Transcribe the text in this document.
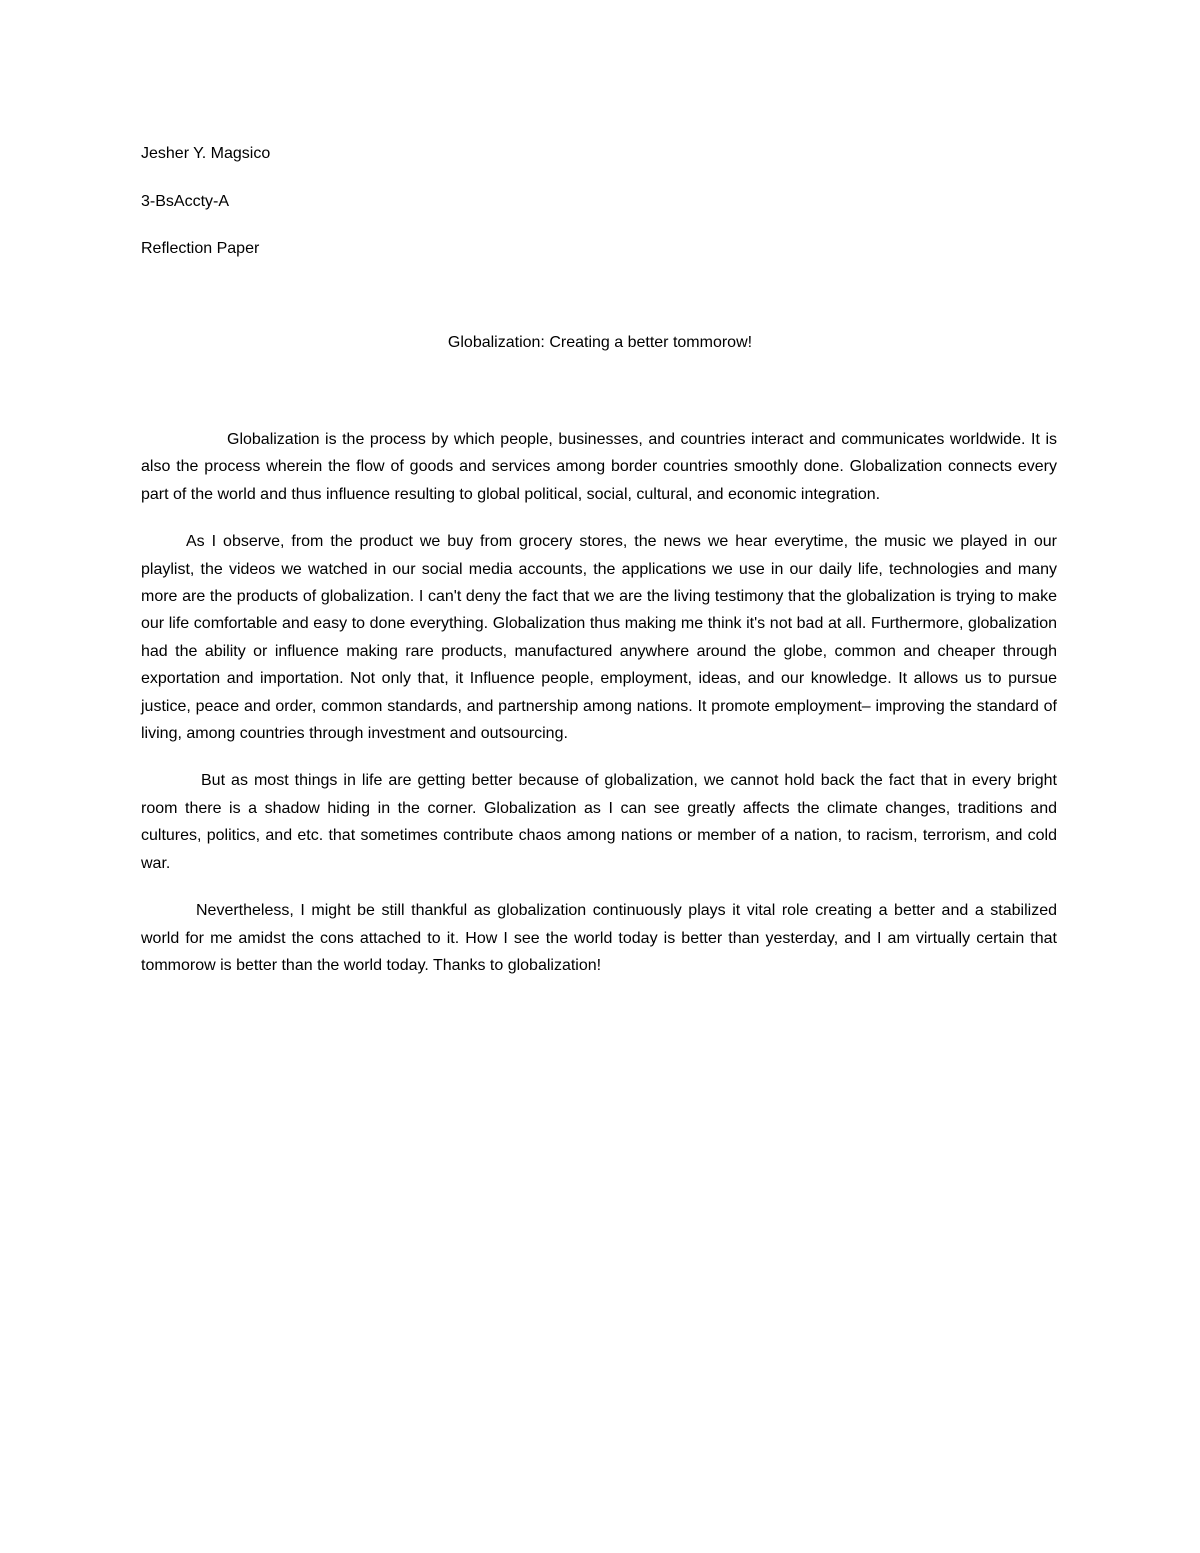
Jesher Y. Magsico
3-BsAccty-A
Reflection Paper
Globalization: Creating a better tommorow!

Globalization is the process by which people, businesses, and countries interact and communicates worldwide. It is also the process wherein the flow of goods and services among border countries smoothly done. Globalization connects every part of the world and thus influence resulting to global political, social, cultural, and economic integration.

As I observe, from the product we buy from grocery stores, the news we hear everytime, the music we played in our playlist, the videos we watched in our social media accounts, the applications we use in our daily life, technologies and many more are the products of globalization. I can't deny the fact that we are the living testimony that the globalization is trying to make our life comfortable and easy to done everything. Globalization thus making me think it's not bad at all. Furthermore, globalization had the ability or influence making rare products, manufactured anywhere around the globe, common and cheaper through exportation and importation. Not only that, it Influence people, employment, ideas, and our knowledge. It allows us to pursue justice, peace and order, common standards, and partnership among nations. It promote employment– improving the standard of living, among countries through investment and outsourcing.

But as most things in life are getting better because of globalization, we cannot hold back the fact that in every bright room there is a shadow hiding in the corner. Globalization as I can see greatly affects the climate changes, traditions and cultures, politics, and etc. that sometimes contribute chaos among nations or member of a nation, to racism, terrorism, and cold war.

Nevertheless, I might be still thankful as globalization continuously plays it vital role creating a better and a stabilized world for me amidst the cons attached to it. How I see the world today is better than yesterday, and I am virtually certain that tommorow is better than the world today. Thanks to globalization!
